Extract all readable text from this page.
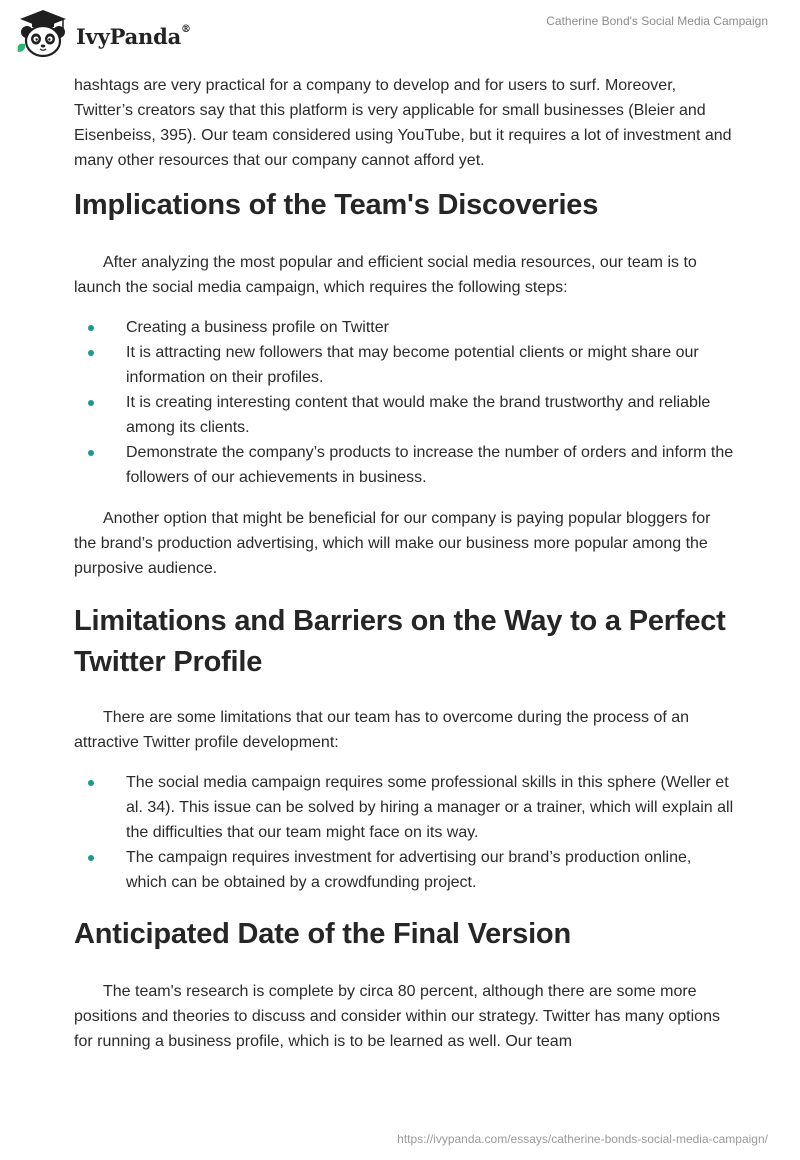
IvyPanda®
Catherine Bond's Social Media Campaign

hashtags are very practical for a company to develop and for users to surf. Moreover, Twitter’s creators say that this platform is very applicable for small businesses (Bleier and Eisenbeiss, 395). Our team considered using YouTube, but it requires a lot of investment and many other resources that our company cannot afford yet.

Implications of the Team's Discoveries

After analyzing the most popular and efficient social media resources, our team is to launch the social media campaign, which requires the following steps:

Creating a business profile on Twitter
It is attracting new followers that may become potential clients or might share our information on their profiles.
It is creating interesting content that would make the brand trustworthy and reliable among its clients.
Demonstrate the company’s products to increase the number of orders and inform the followers of our achievements in business.

Another option that might be beneficial for our company is paying popular bloggers for the brand’s production advertising, which will make our business more popular among the purposive audience.

Limitations and Barriers on the Way to a Perfect Twitter Profile

There are some limitations that our team has to overcome during the process of an attractive Twitter profile development:

The social media campaign requires some professional skills in this sphere (Weller et al. 34). This issue can be solved by hiring a manager or a trainer, which will explain all the difficulties that our team might face on its way.
The campaign requires investment for advertising our brand’s production online, which can be obtained by a crowdfunding project.
Anticipated Date of the Final Version

The team's research is complete by circa 80 percent, although there are some more positions and theories to discuss and consider within our strategy. Twitter has many options for running a business profile, which is to be learned as well. Our team

https://ivypanda.com/essays/catherine-bonds-social-media-campaign/
